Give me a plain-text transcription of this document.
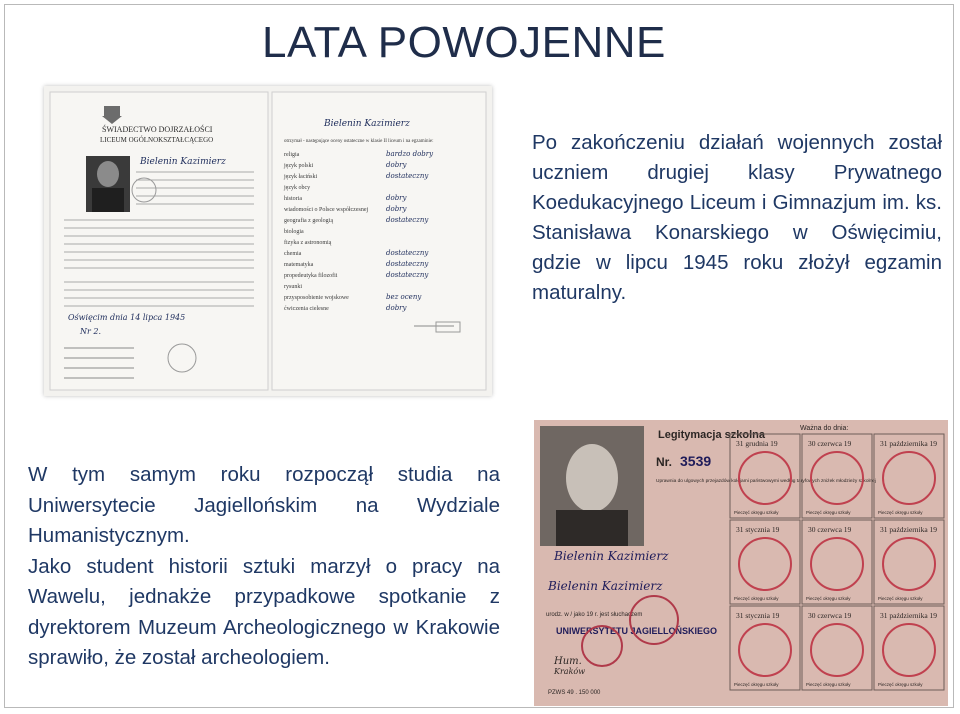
LATA POWOJENNE
ŚWIADECTWO DOJRZAŁOŚCI
LICEUM OGÓLNOKSZTAŁCĄCEGO
Bielenin Kazimierz
Oświęcim dnia 14 lipca 1945
Nr 2.
Bielenin Kazimierz
otrzymał - następujące oceny ostateczne w klasie II liceum i na egzaminie:
religia
język polski
język łaciński
język obcy
historia
wiadomości o Polsce współczesnej
geografia z geologią
biologia
fizyka z astronomią
chemia
matematyka
propedeutyka filozofii
rysunki
przysposobienie wojskowe
ćwiczenia cielesne
bardzo dobry
dobry
dostateczny
dobry
dobry
dostateczny
dostateczny
dostateczny
dostateczny
bez oceny
dobry

Po zakończeniu działań wojennych został uczniem drugiej klasy Prywatnego Koedukacyjnego Liceum i Gimnazjum im. ks. Stanisława Konarskiego w Oświęcimiu, gdzie w lipcu 1945 roku złożył egzamin maturalny.

W tym samym roku rozpoczął studia na Uniwersytecie Jagiellońskim na Wydziale Humanistycznym.

Jako student historii sztuki marzył o pracy na Wawelu, jednakże przypadkowe spotkanie z dyrektorem Muzeum Archeologicznego w Krakowie sprawiło, że został archeologiem.

Legitymacja szkolna
Nr. 3539
Uprawnia do ulgowych przejazdów kolejami państwowymi według taryfowych zniżek młodzieży szkolnej
Bielenin Kazimierz
Bielenin Kazimierz
urodz. w / jako 19 r. jest słuchaczem
UNIWERSYTETU JAGIELLOŃSKIEGO
Hum.
Kraków
PZWS 49 . 150 000
Ważna do dnia:
31 grudnia 19
Pieczęć okręgu szkoły
30 czerwca 19
Pieczęć okręgu szkoły
31 października 19
Pieczęć okręgu szkoły
31 stycznia 19
Pieczęć okręgu szkoły
30 czerwca 19
Pieczęć okręgu szkoły
31 października 19
Pieczęć okręgu szkoły
31 stycznia 19
Pieczęć okręgu szkoły
30 czerwca 19
Pieczęć okręgu szkoły
31 października 19
Pieczęć okręgu szkoły
